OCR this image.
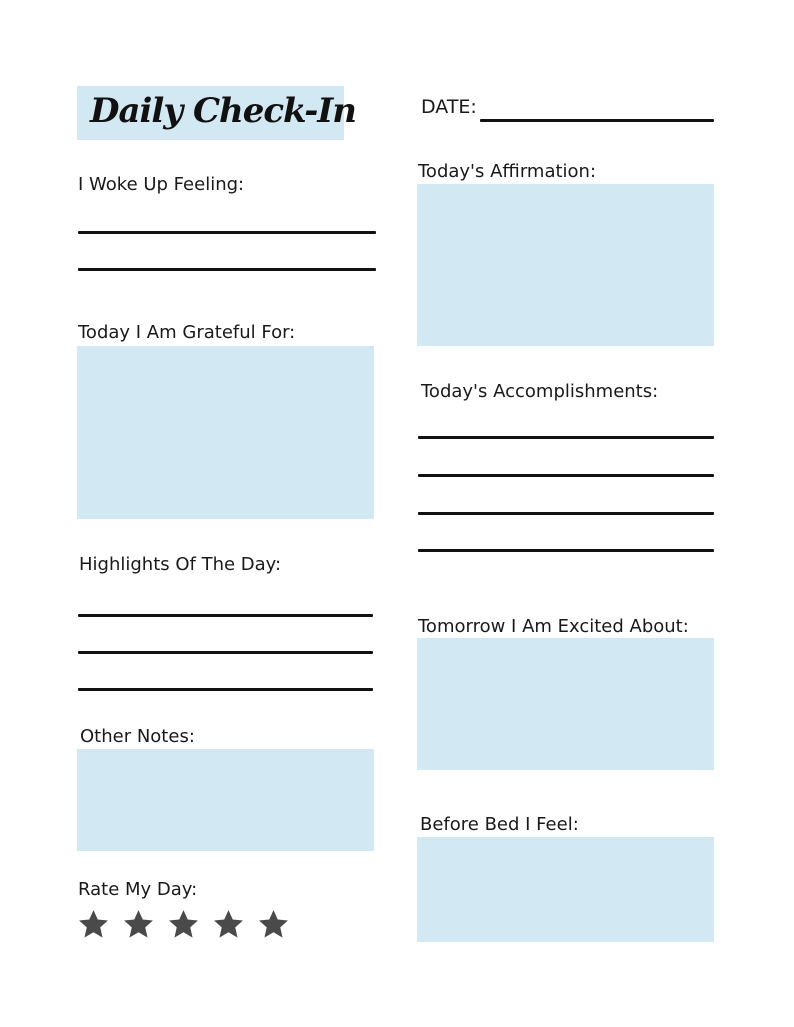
Daily Check-In	DATE:
I Woke Up Feeling:
Today I Am Grateful For:
Highlights Of The Day:
Other Notes:
Rate My Day:
Today's Affirmation:
Today's Accomplishments:
Tomorrow I Am Excited About:
Before Bed I Feel:
